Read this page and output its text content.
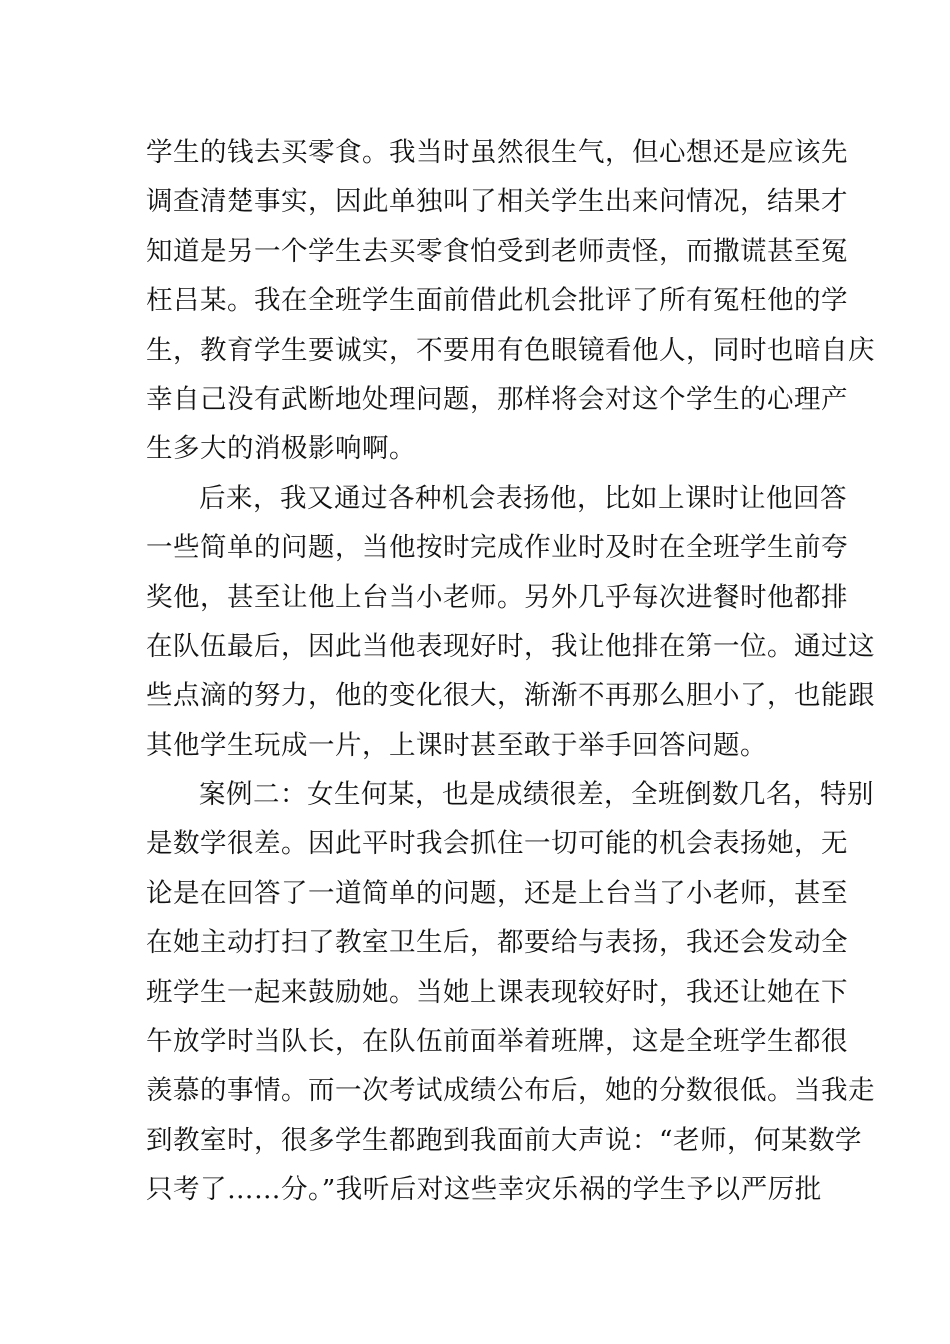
学生的钱去买零食。我当时虽然很生气，但心想还是应该先
调查清楚事实，因此单独叫了相关学生出来问情况，结果才
知道是另一个学生去买零食怕受到老师责怪，而撒谎甚至冤
枉吕某。我在全班学生面前借此机会批评了所有冤枉他的学
生，教育学生要诚实，不要用有色眼镜看他人，同时也暗自庆
幸自己没有武断地处理问题，那样将会对这个学生的心理产
生多大的消极影响啊。
后来，我又通过各种机会表扬他，比如上课时让他回答
一些简单的问题，当他按时完成作业时及时在全班学生前夸
奖他，甚至让他上台当小老师。另外几乎每次进餐时他都排
在队伍最后，因此当他表现好时，我让他排在第一位。通过这
些点滴的努力，他的变化很大，渐渐不再那么胆小了，也能跟
其他学生玩成一片，上课时甚至敢于举手回答问题。
案例二：女生何某，也是成绩很差，全班倒数几名，特别
是数学很差。因此平时我会抓住一切可能的机会表扬她，无
论是在回答了一道简单的问题，还是上台当了小老师，甚至
在她主动打扫了教室卫生后，都要给与表扬，我还会发动全
班学生一起来鼓励她。当她上课表现较好时，我还让她在下
午放学时当队长，在队伍前面举着班牌，这是全班学生都很
羡慕的事情。而一次考试成绩公布后，她的分数很低。当我走
到教室时，很多学生都跑到我面前大声说：“老师，何某数学
只考了……分。”我听后对这些幸灾乐祸的学生予以严厉批
